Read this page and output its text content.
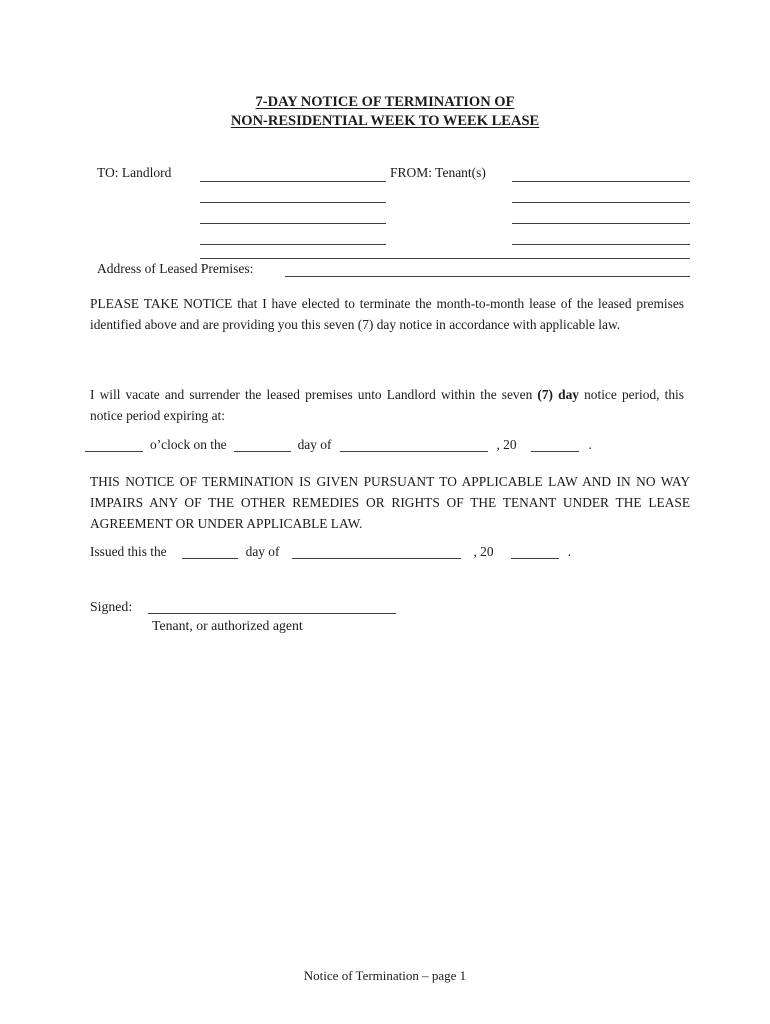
7-DAY NOTICE OF TERMINATION OF
NON-RESIDENTIAL WEEK TO WEEK LEASE
TO: Landlord	FROM: Tenant(s)
Address of Leased Premises:

PLEASE TAKE NOTICE that I have elected to terminate the month-to-month lease of the leased premises identified above and are providing you this seven (7) day notice in accordance with applicable law.

I will vacate and surrender the leased premises unto Landlord within the seven (7) day notice period, this notice period expiring at:

o’clock on the	day of	, 20	.

THIS NOTICE OF TERMINATION IS GIVEN PURSUANT TO APPLICABLE LAW AND IN NO WAY IMPAIRS ANY OF THE OTHER REMEDIES OR RIGHTS OF THE TENANT UNDER THE LEASE AGREEMENT OR UNDER APPLICABLE LAW.

Issued this the	day of	, 20	.
Signed:
Tenant, or authorized agent
Notice of Termination – page 1
